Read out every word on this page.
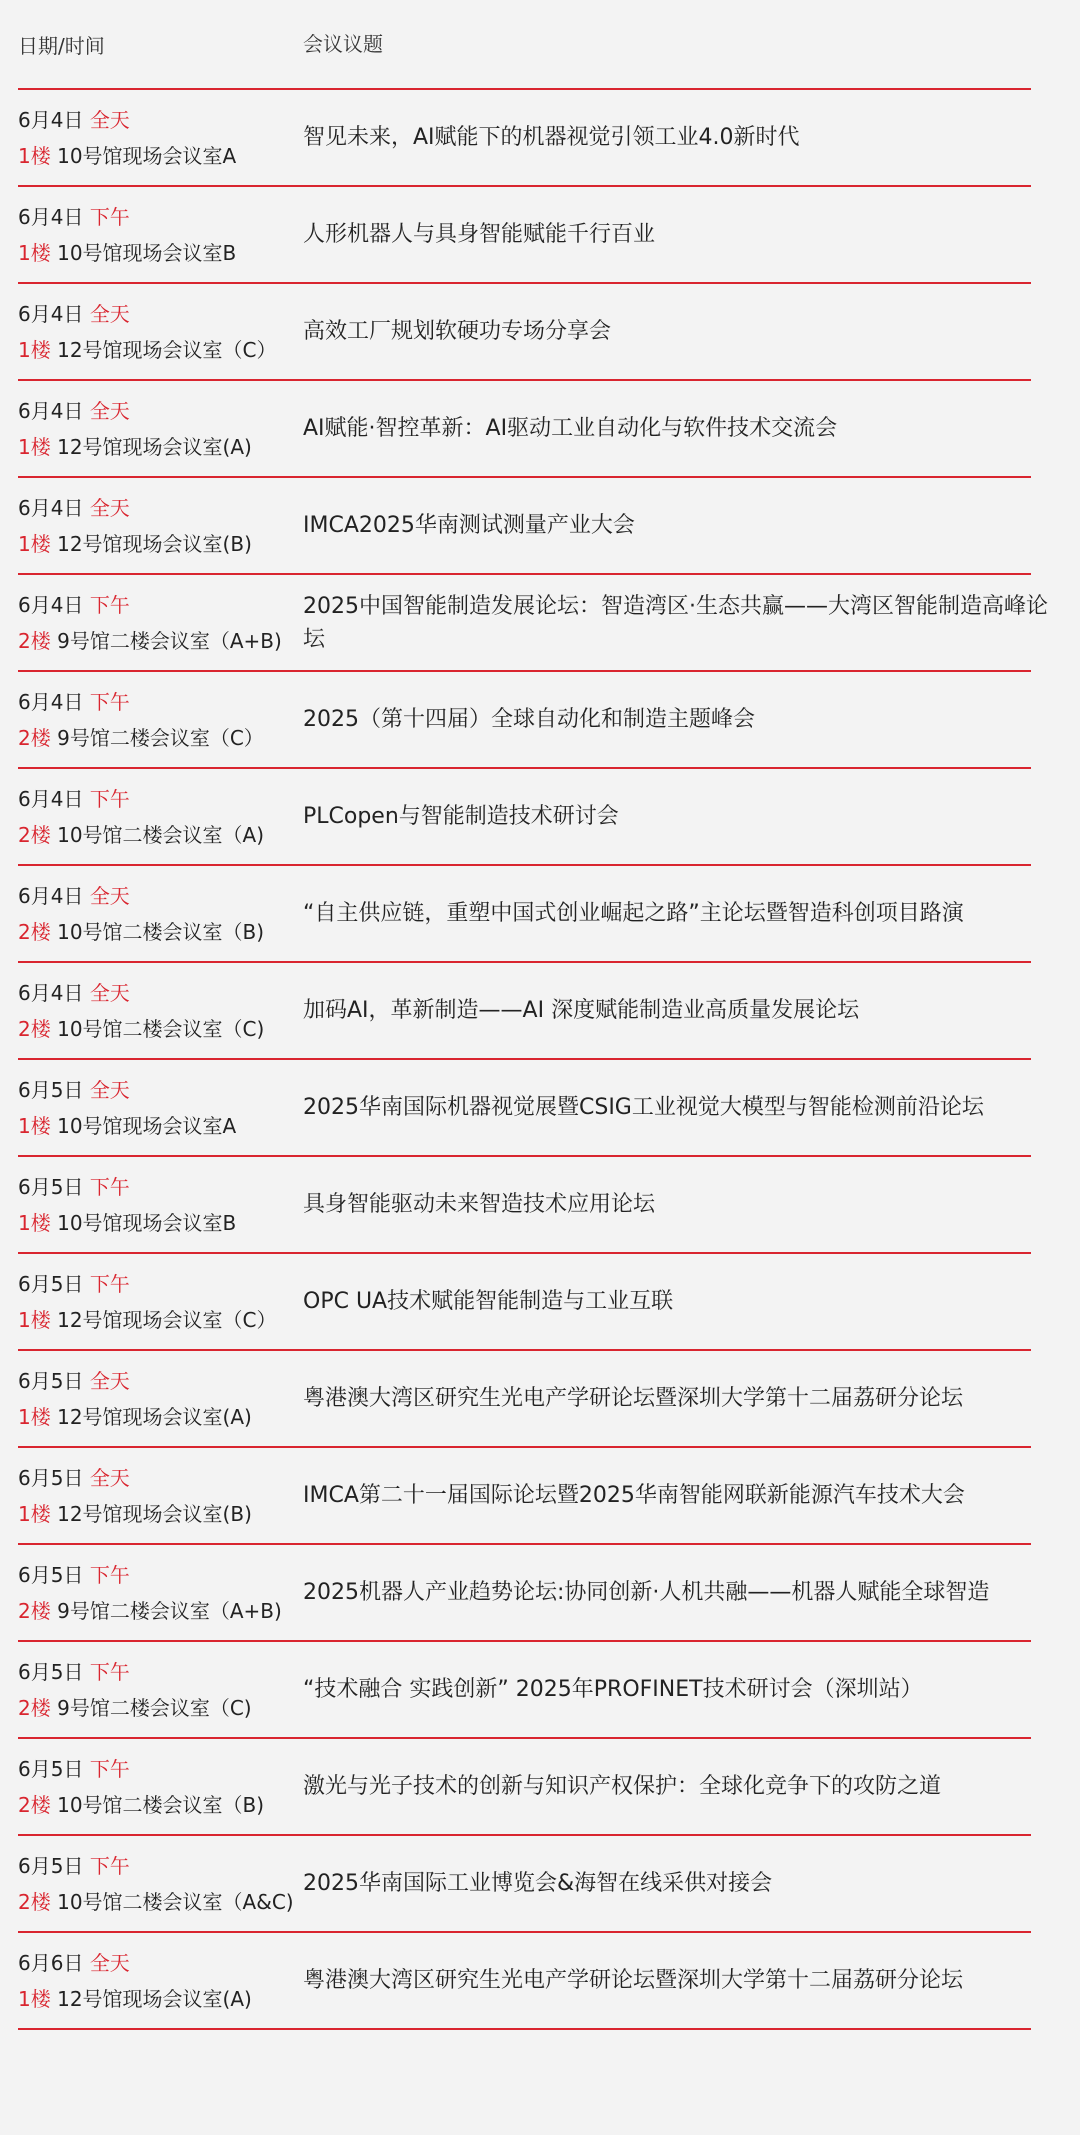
日期/时间	会议议题
6月4日 全天
1楼 10号馆现场会议室A
智见未来，AI赋能下的机器视觉引领工业4.0新时代
6月4日 下午
1楼 10号馆现场会议室B
人形机器人与具身智能赋能千行百业
6月4日 全天
1楼 12号馆现场会议室（C）
高效工厂规划软硬功专场分享会
6月4日 全天
1楼 12号馆现场会议室(A)
AI赋能·智控革新：AI驱动工业自动化与软件技术交流会
6月4日 全天
1楼 12号馆现场会议室(B)
IMCA2025华南测试测量产业大会
6月4日 下午
2楼 9号馆二楼会议室（A+B)
2025中国智能制造发展论坛：智造湾区·生态共赢——大湾区智能制造高峰论坛
6月4日 下午
2楼 9号馆二楼会议室（C）
2025（第十四届）全球自动化和制造主题峰会
6月4日 下午
2楼 10号馆二楼会议室（A)
PLCopen与智能制造技术研讨会
6月4日 全天
2楼 10号馆二楼会议室（B)
“自主供应链，重塑中国式创业崛起之路”主论坛暨智造科创项目路演
6月4日 全天
2楼 10号馆二楼会议室（C)
加码AI，革新制造——AI 深度赋能制造业高质量发展论坛
6月5日 全天
1楼 10号馆现场会议室A
2025华南国际机器视觉展暨CSIG工业视觉大模型与智能检测前沿论坛
6月5日 下午
1楼 10号馆现场会议室B
具身智能驱动未来智造技术应用论坛
6月5日 下午
1楼 12号馆现场会议室（C）
OPC UA技术赋能智能制造与工业互联
6月5日 全天
1楼 12号馆现场会议室(A)
粤港澳大湾区研究生光电产学研论坛暨深圳大学第十二届荔研分论坛
6月5日 全天
1楼 12号馆现场会议室(B)
IMCA第二十一届国际论坛暨2025华南智能网联新能源汽车技术大会
6月5日 下午
2楼 9号馆二楼会议室（A+B)
2025机器人产业趋势论坛:协同创新·人机共融——机器人赋能全球智造
6月5日 下午
2楼 9号馆二楼会议室（C)
“技术融合 实践创新” 2025年PROFINET技术研讨会（深圳站）
6月5日 下午
2楼 10号馆二楼会议室（B)
激光与光子技术的创新与知识产权保护：全球化竞争下的攻防之道
6月5日 下午
2楼 10号馆二楼会议室（A&C)
2025华南国际工业博览会&海智在线采供对接会
6月6日 全天
1楼 12号馆现场会议室(A)
粤港澳大湾区研究生光电产学研论坛暨深圳大学第十二届荔研分论坛
